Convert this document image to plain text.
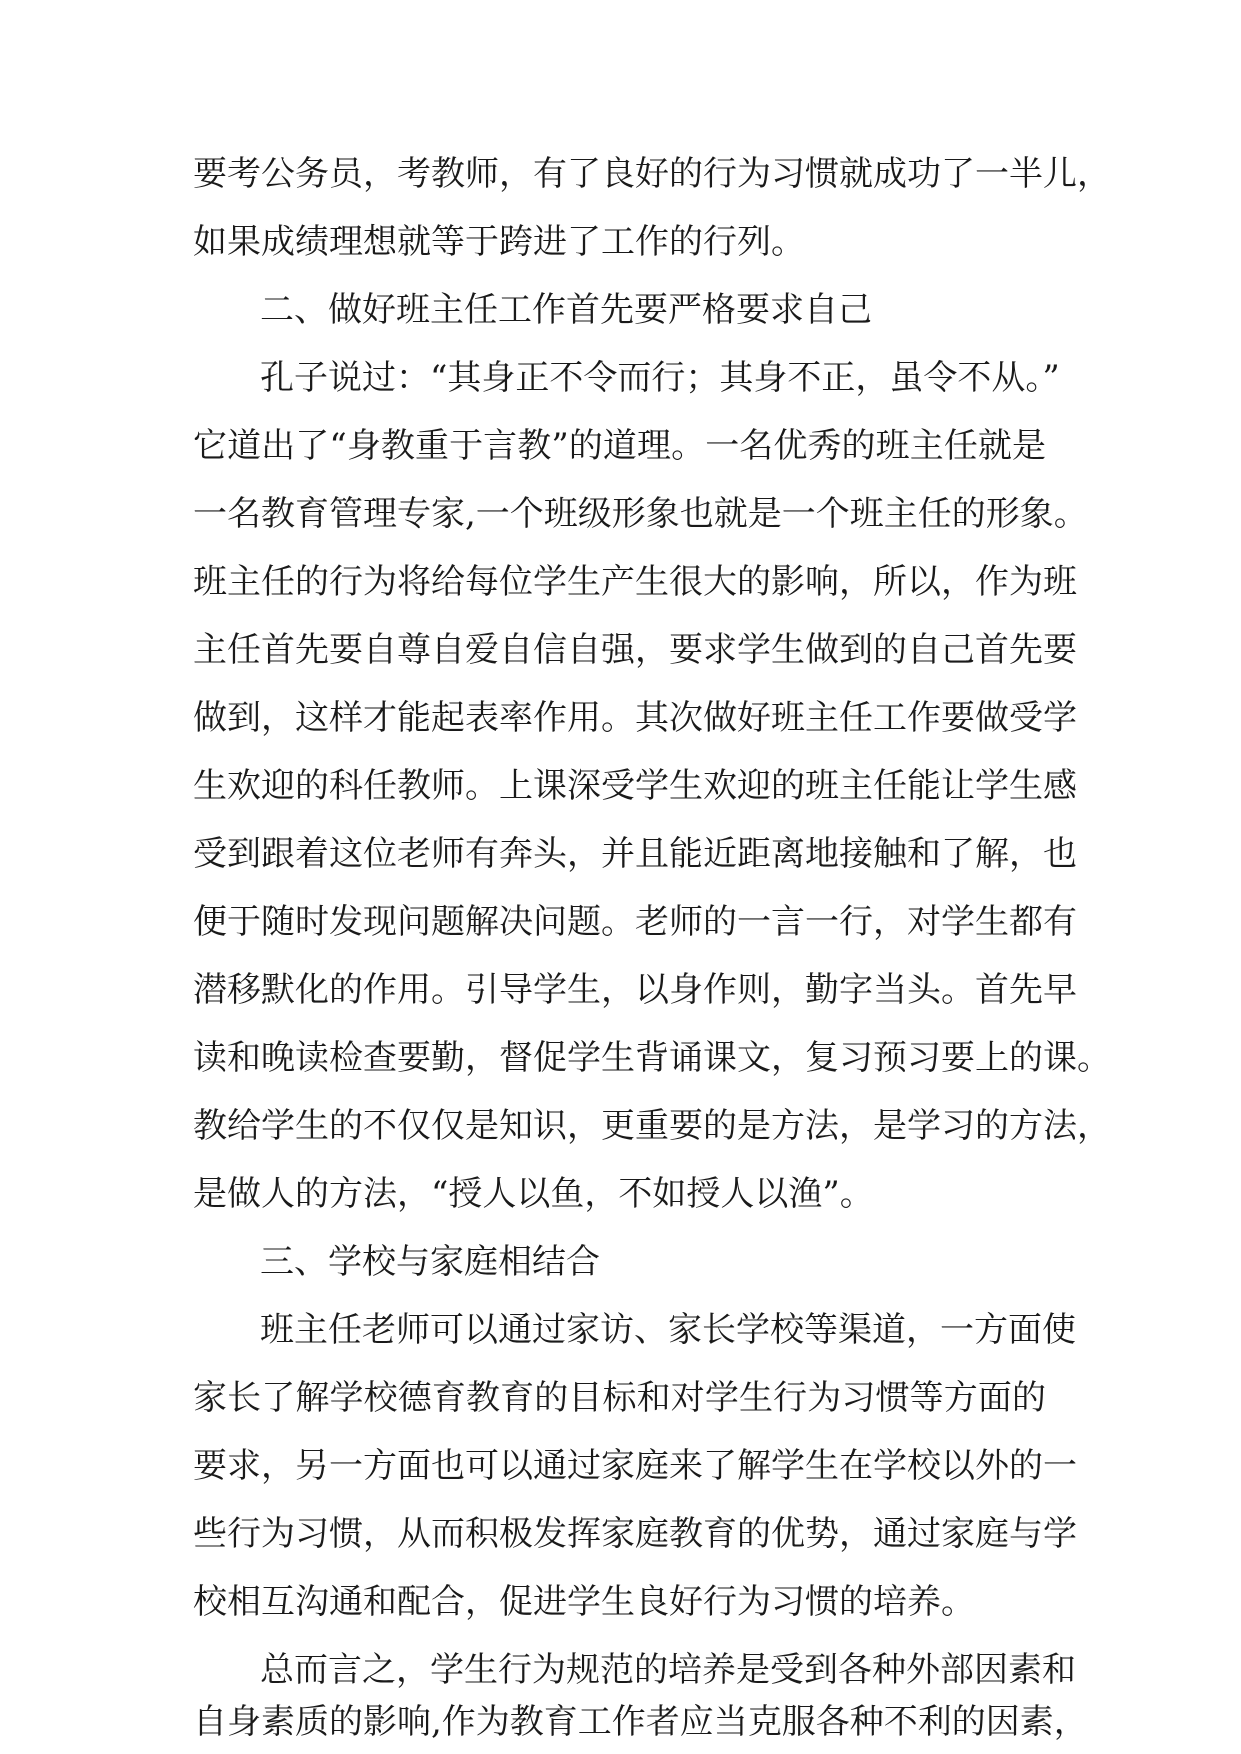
要考公务员，考教师，有了良好的行为习惯就成功了一半儿，
如果成绩理想就等于跨进了工作的行列。
二、做好班主任工作首先要严格要求自己
孔子说过：“其身正不令而行；其身不正，虽令不从。”
它道出了“身教重于言教”的道理。一名优秀的班主任就是
一名教育管理专家,一个班级形象也就是一个班主任的形象。
班主任的行为将给每位学生产生很大的影响，所以，作为班
主任首先要自尊自爱自信自强，要求学生做到的自己首先要
做到，这样才能起表率作用。其次做好班主任工作要做受学
生欢迎的科任教师。上课深受学生欢迎的班主任能让学生感
受到跟着这位老师有奔头，并且能近距离地接触和了解，也
便于随时发现问题解决问题。老师的一言一行，对学生都有
潜移默化的作用。引导学生，以身作则，勤字当头。首先早
读和晚读检查要勤，督促学生背诵课文，复习预习要上的课。
教给学生的不仅仅是知识，更重要的是方法，是学习的方法，
是做人的方法，“授人以鱼，不如授人以渔”。
三、学校与家庭相结合
班主任老师可以通过家访、家长学校等渠道，一方面使
家长了解学校德育教育的目标和对学生行为习惯等方面的
要求，另一方面也可以通过家庭来了解学生在学校以外的一
些行为习惯，从而积极发挥家庭教育的优势，通过家庭与学
校相互沟通和配合，促进学生良好行为习惯的培养。
总而言之，学生行为规范的培养是受到各种外部因素和
自身素质的影响,作为教育工作者应当克服各种不利的因素，
